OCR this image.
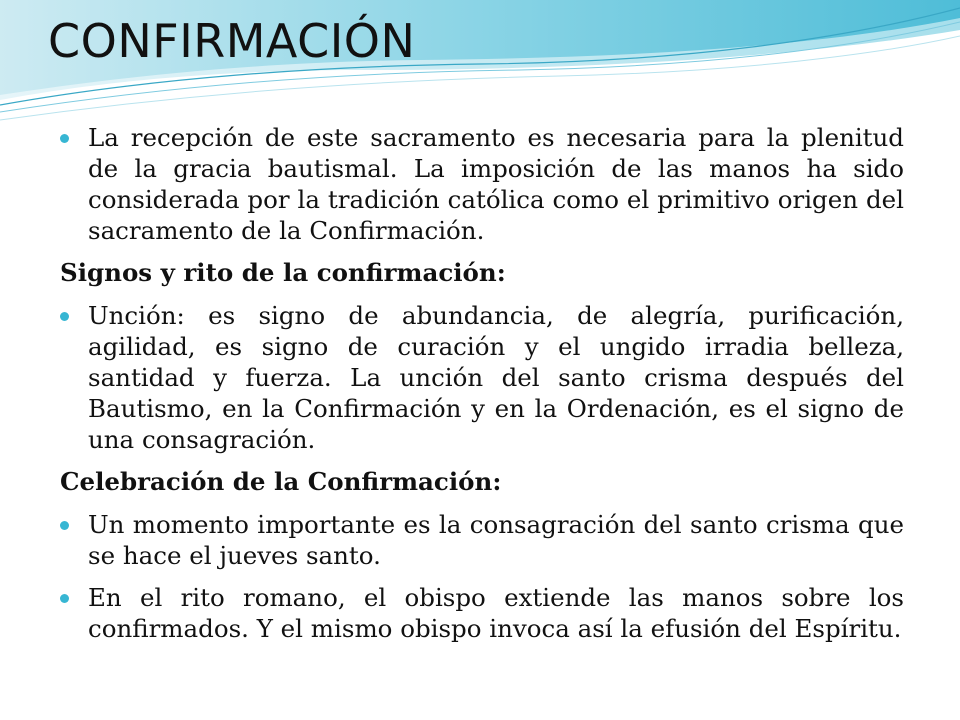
CONFIRMACIÓN
La recepción de este sacramento es necesaria para la plenitud de la gracia bautismal. La imposición de las manos ha sido considerada por la tradición católica como el primitivo origen del sacramento de la Confirmación.
Signos y rito de la confirmación:
Unción: es signo de abundancia, de alegría, purificación, agilidad, es signo de curación y el ungido irradia belleza, santidad y fuerza. La unción del santo crisma después del Bautismo, en la Confirmación y en la Ordenación, es el signo de una consagración.
Celebración de la Confirmación:
Un momento importante es la consagración del santo crisma que se hace el jueves santo.
En el rito romano, el obispo extiende las manos sobre los confirmados. Y el mismo obispo invoca así la efusión del Espíritu.
